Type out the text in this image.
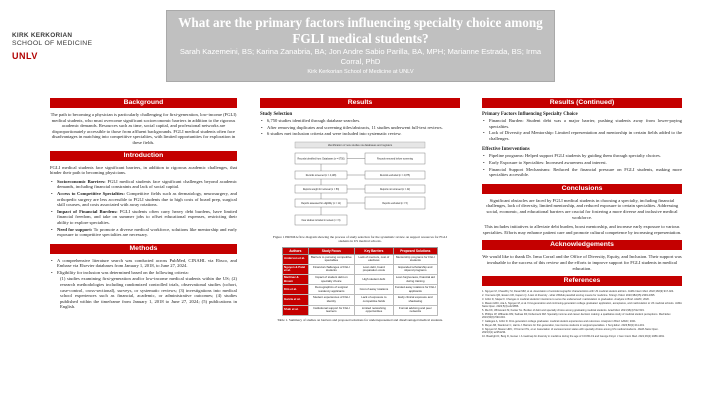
KIRK KERKORIAN
SCHOOL OF MEDICINE
UNLV
What are the primary factors influencing specialty choice among FGLI medical students?
Sarah Kazemeini, BS; Karina Zanabria, BA; Jon Andre Sabio Parilla, BA, MPH; Marianne Estrada, BS; Irma Corral, PhD
Kirk Kerkorian School of Medicine at UNLV
Background
The path to becoming a physician is particularly challenging for first-generation, low-income (FGLI) medical students, who must overcome significant socioeconomic barriers in addition to the rigorous academic demands. Resources such as time, social capital, and professional networks are disproportionately accessible to those from affluent backgrounds. FGLI medical students often face disadvantages in matching into competitive specialties, with limited opportunities for exploration in these fields.
Introduction
FGLI medical students face significant barriers, in addition to rigorous academic challenges, that hinder their path to becoming physicians.
• Socioeconomic Barriers: FGLI medical students face significant challenges beyond academic demands, including financial constraints and lack of social capital.
• Access to Competitive Specialties: Competitive fields such as dermatology, neurosurgery, and orthopedic surgery are less accessible to FGLI students due to high costs of board prep, surgical skill courses, and costs associated with away rotations.
• Impact of Financial Burdens: FGLI students often carry heavy debt burdens, have limited financial freedom, and take on summer jobs to offset educational expenses, restricting their ability to explore specialties.
• Need for support: To promote a diverse medical workforce, solutions like mentorship and early exposure to competitive specialties are necessary.
Methods
• A comprehensive literature search was conducted across PubMed, CINAHL via Ebsco, and Embase via Elsevier databases from January 1, 2018, to June 27, 2024.
• Eligibility for inclusion was determined based on the following criteria:
(1) studies examining first-generation and/or low-income medical students within the US; (2) research methodologies including randomized controlled trials, observational studies (cohort, case-control, cross-sectional), surveys, or systematic reviews; (3) investigations into medical school experiences such as financial, academic, or administrative outcomes; (4) studies published within the timeframe from January 1, 2018 to June 27, 2024; (5) publications in English.
Results
Study Selection
• 6,750 studies identified through database searches.
• After removing duplicates and screening titles/abstracts, 11 studies underwent full-text reviews.
• 6 studies met inclusion criteria and were included into systematic review.
Identification of new studies via databases and registers
Records identified from: Databases (n = 6750)	Records removed before screening
Records screened (n = 4,128)	Records excluded (n = 4,075)
Reports sought for retrieval (n = 53)	Reports not retrieved (n = 42)
Reports assessed for eligibility (n = 11)	Reports excluded (n = 5)
New studies included in review (n = 6)
Figure 1 PRISMA flow diagram showing the process of study selection for the systematic review on support resources for FGLI students in US medical schools.
Authors	Study Focus	Key Barriers	Proposed Solutions
Anderson et al.	Barriers to pursuing competitive specialties	Lack of mentors, cost of electives	Mentorship programs for FGLI students
Nguyen & Patel et al.	Financial challenges of FGLI students	Loan debt, board preparation costs	Expanded scholarship and stipend programs
Martinez & Brown	Impact of student debt on specialty choice	High student debt	Loan forgiveness, financial aid during training
Kim et al.	Demographics of surgical residency applicants	Cost of away rotations	Funded away rotations for FGLI applicants
Garcia et al.	Student experiences of FGLI identity	Lack of exposure to competitive fields	Early clinical exposure and shadowing
Shah et al.	Institutional support for FGLI learners	Limited networking opportunities	Formal advising and peer networks
Table 1. Summary of studies on barriers and proposed solutions for underrepresented and disadvantaged medical students.
Results (Continued)
Primary Factors Influencing Specialty Choice
• Financial Burden: Student debt was a major barrier, pushing students away from lower-paying specialties.
• Lack of Diversity and Mentorship: Limited representation and mentorship in certain fields added to the challenges.
Effective Interventions
• Pipeline programs: Helped support FGLI students by guiding them through specialty choices.
• Early Exposure to Specialties: Increased awareness and interest.
• Financial Support Mechanisms: Reduced the financial pressure on FGLI students, making more specialties accessible.
Conclusions
Significant obstacles are faced by FGLI medical students in choosing a specialty, including financial challenges, lack of diversity, limited mentorship, and reduced exposure to certain specialties. Addressing social, economic, and educational barriers are crucial for fostering a more diverse and inclusive medical workforce.
This includes initiatives to alleviate debt burden, boost mentorship, and increase early exposure to various specialties. Efforts may enhance patient care and promote cultural competence by increasing representation.
Acknowledgements
We would like to thank Dr. Irma Corral and the Office of Diversity, Equity, and Inclusion. Their support was invaluable to the success of this review and the efforts to improve support for FGLI students in medical education.
References
1. Nguyen M, Chaudhry SI, Desai MM, et al. Association of sociodemographic characteristics with US medical student attrition. JAMA Intern Med. 2022;182(9):917-924.
2. Youmans QR, Essien UR, Capers Q. A test of diversity - what USMLE pass/fail scoring means for medicine. N Engl J Med. 2020;382(25):2393-2395.
3. Grbic D, Slapar F. Changes in medical students' intentions to serve the underserved: matriculation to graduation. Analysis in Brief. AAMC; 2020.
4. Mason HRC, Ata A, Nguyen M, et al. First-generation and continuing-generation college graduates' application, acceptance, and matriculation to US medical schools. JAMA Netw Open. 2022;5(3):e221856.
5. Ma KK, Whisonant M, Kanter SL. Burden of debt and specialty choice among graduating medical students. Acad Med. 2021;96(4):512-519.
6. Phillips JP, Wilbanks DM, Salinas DF, Doberneck DM. Specialty income and career decision making: a qualitative study of medical student perceptions. Med Educ. 2019;53(6):593-604.
7. Gallegos A, Grbic D. First-generation college graduates: medical student experiences and outcomes. Analysis in Brief. AAMC; 2021.
8. Meyer AB, Stankovic C, Harris J. Barriers for first-generation, low-income students in surgical specialties. J Surg Educ. 2023;80(2):211-219.
9. Nguyen M, Mason HRC, O'Connor PG, et al. Association of socioeconomic status with specialty choice among US medical students. JAMA Netw Open. 2023;6(1):e2251234.
10. Boatright D, Berg D, Genao I. A roadmap for diversity in medicine during the age of COVID-19 and George Floyd. J Gen Intern Med. 2021;36(4):1089-1091.
